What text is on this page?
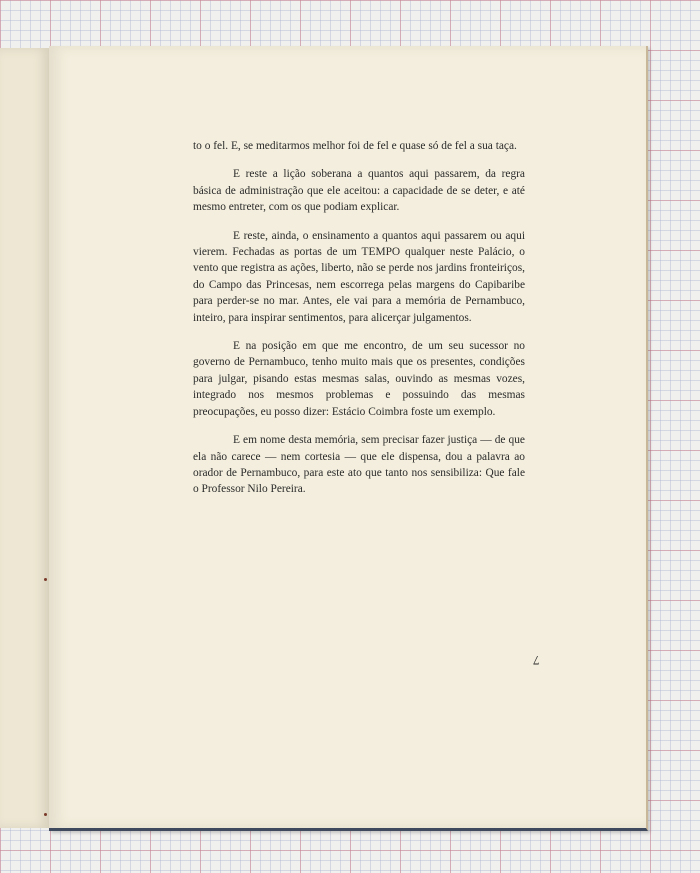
to o fel. E, se meditarmos melhor foi de fel e quase só de fel a sua taça.

E reste a lição soberana a quantos aqui passarem, da regra básica de administração que ele aceitou: a capacidade de se deter, e até mesmo entreter, com os que podiam explicar.

E reste, ainda, o ensinamento a quantos aqui passarem ou aqui vierem. Fechadas as portas de um TEMPO qualquer neste Palácio, o vento que registra as ações, liberto, não se perde nos jardins fronteiriços, do Campo das Princesas, nem escorrega pelas margens do Capibaribe para perder-se no mar. Antes, ele vai para a memória de Pernambuco, inteiro, para inspirar sentimentos, para alicerçar julgamentos.

E na posição em que me encontro, de um seu sucessor no governo de Pernambuco, tenho muito mais que os presentes, condições para julgar, pisando estas mesmas salas, ouvindo as mesmas vozes, integrado nos mesmos problemas e possuindo das mesmas preocupações, eu posso dizer: Estácio Coimbra foste um exemplo.

E em nome desta memória, sem precisar fazer justiça — de que ela não carece — nem cortesia — que ele dispensa, dou a palavra ao orador de Pernambuco, para este ato que tanto nos sensibiliza: Que fale o Professor Nilo Pereira.

7
